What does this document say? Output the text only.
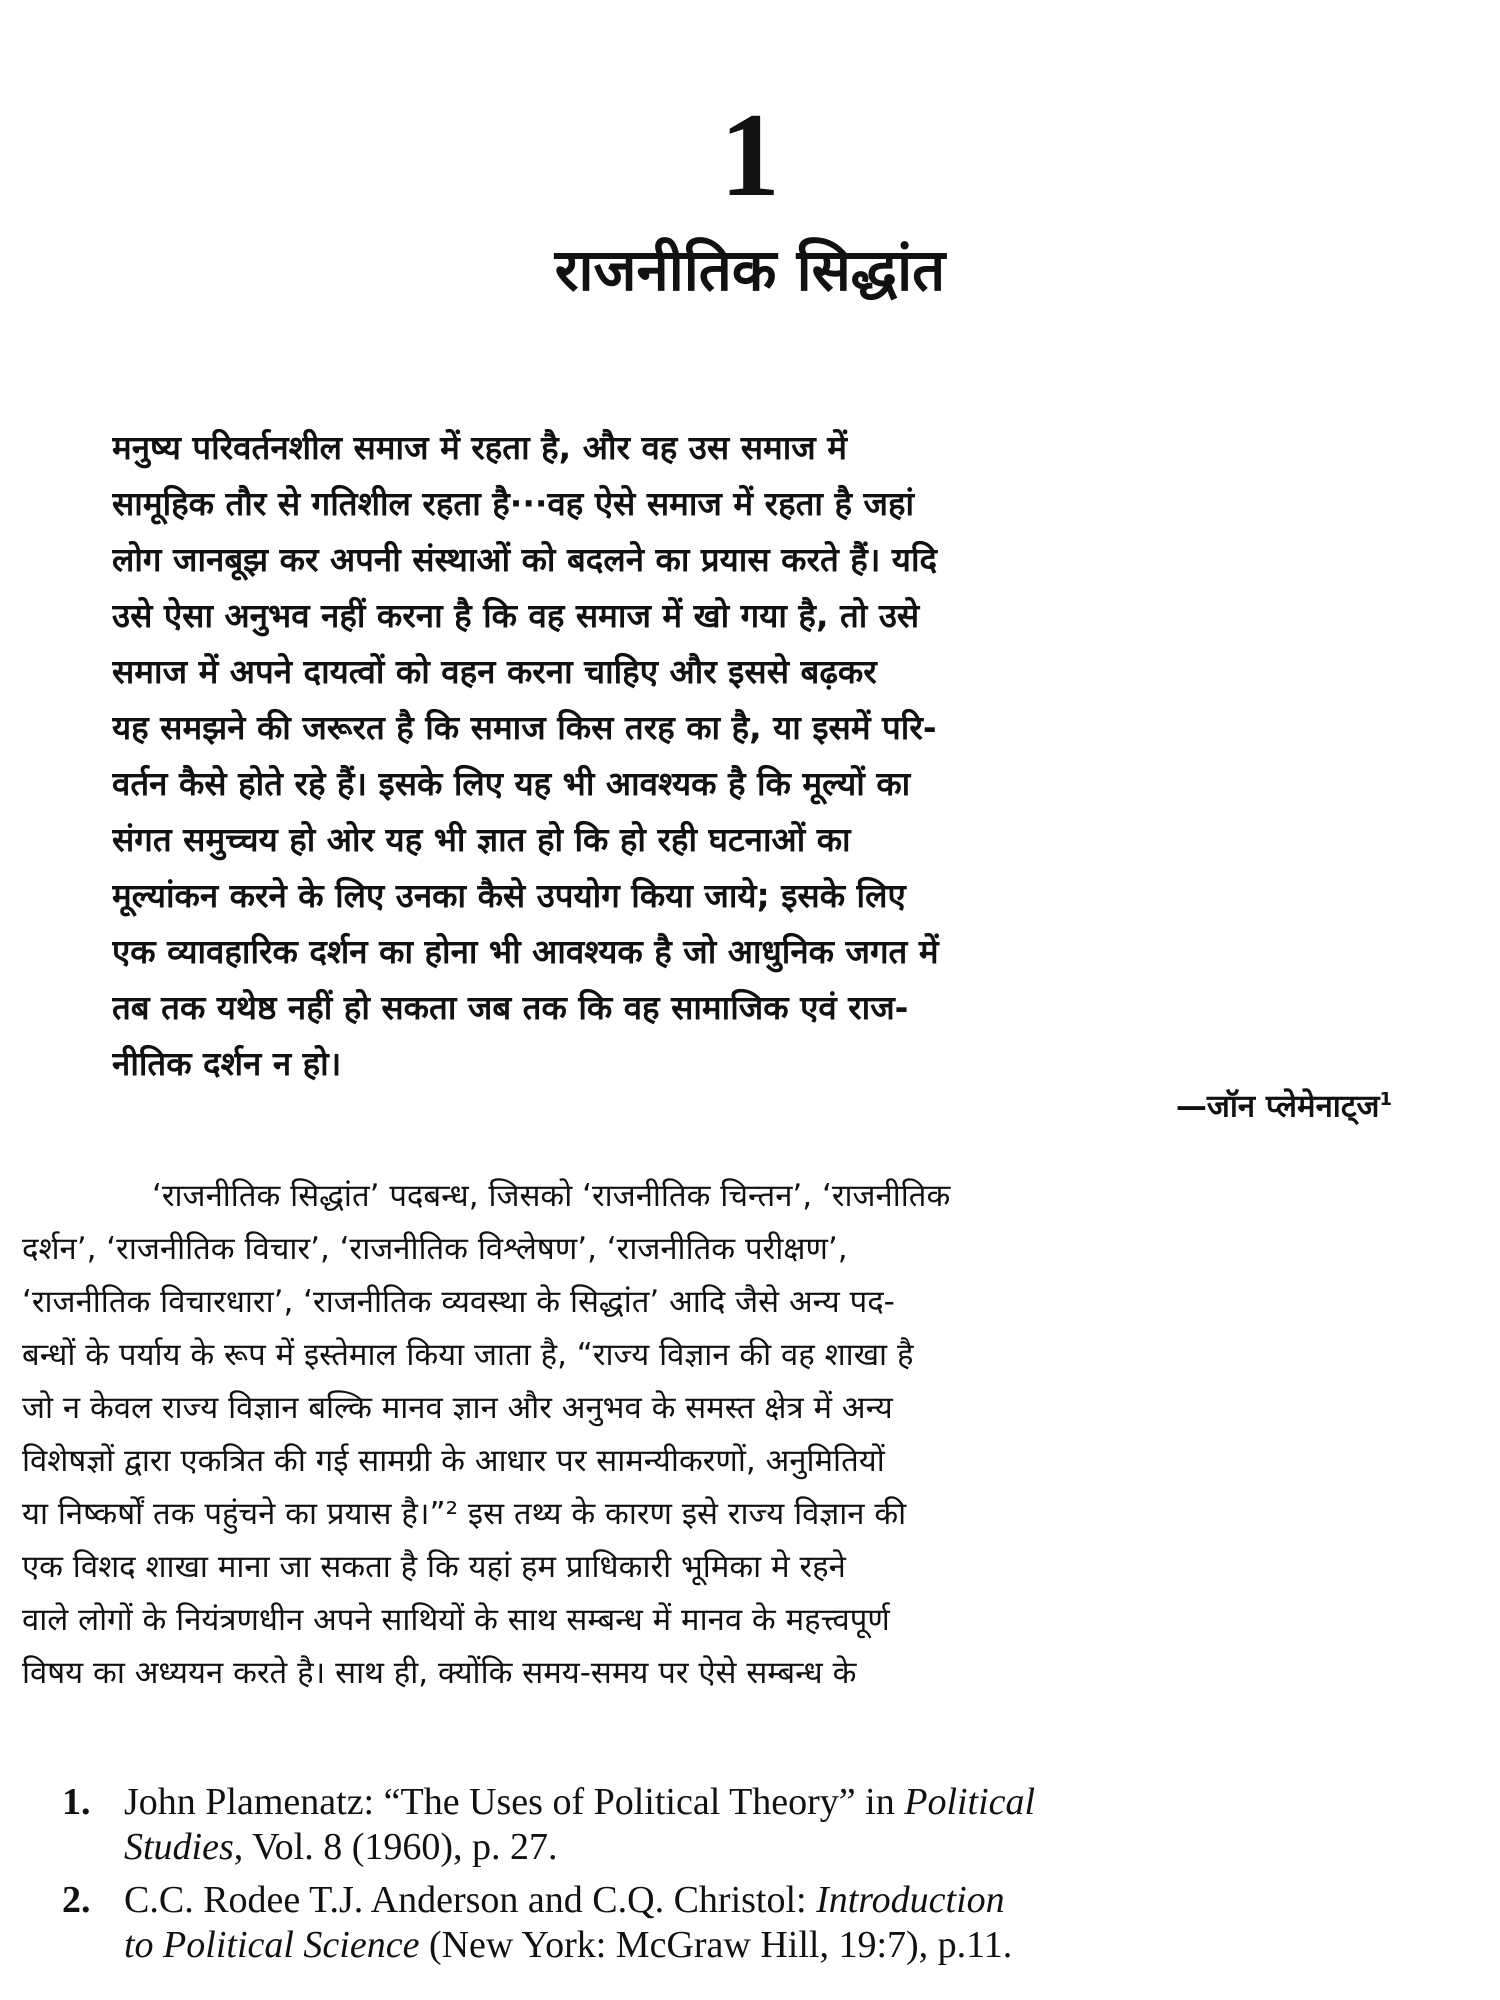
1
राजनीतिक सिद्धांत
मनुष्य परिवर्तनशील समाज में रहता है, और वह उस समाज में
सामूहिक तौर से गतिशील रहता है···वह ऐसे समाज में रहता है जहां
लोग जानबूझ कर अपनी संस्थाओं को बदलने का प्रयास करते हैं। यदि
उसे ऐसा अनुभव नहीं करना है कि वह समाज में खो गया है, तो उसे
समाज में अपने दायत्वों को वहन करना चाहिए और इससे बढ़कर
यह समझने की जरूरत है कि समाज किस तरह का है, या इसमें परि-
वर्तन कैसे होते रहे हैं। इसके लिए यह भी आवश्यक है कि मूल्यों का
संगत समुच्चय हो ओर यह भी ज्ञात हो कि हो रही घटनाओं का
मूल्यांकन करने के लिए उनका कैसे उपयोग किया जाये; इसके लिए
एक व्यावहारिक दर्शन का होना भी आवश्यक है जो आधुनिक जगत में
तब तक यथेष्ठ नहीं हो सकता जब तक कि वह सामाजिक एवं राज-
नीतिक दर्शन न हो।
—जॉन प्लेमेनाट्ज$^1$
‘राजनीतिक सिद्धांत’ पदबन्ध, जिसको ‘राजनीतिक चिन्तन’, ‘राजनीतिक
दर्शन’, ‘राजनीतिक विचार’, ‘राजनीतिक विश्लेषण’, ‘राजनीतिक परीक्षण’,
‘राजनीतिक विचारधारा’, ‘राजनीतिक व्यवस्था के सिद्धांत’ आदि जैसे अन्य पद-
बन्धों के पर्याय के रूप में इस्तेमाल किया जाता है, “राज्य विज्ञान की वह शाखा है
जो न केवल राज्य विज्ञान बल्कि मानव ज्ञान और अनुभव के समस्त क्षेत्र में अन्य
विशेषज्ञों द्वारा एकत्रित की गई सामग्री के आधार पर सामन्यीकरणों, अनुमितियों
या निष्कर्षों तक पहुंचने का प्रयास है।”² इस तथ्य के कारण इसे राज्य विज्ञान की
एक विशद शाखा माना जा सकता है कि यहां हम प्राधिकारी भूमिका मे रहने
वाले लोगों के नियंत्रणधीन अपने साथियों के साथ सम्बन्ध में मानव के महत्त्वपूर्ण
विषय का अध्ययन करते है। साथ ही, क्योंकि समय-समय पर ऐसे सम्बन्ध के
1. John Plamenatz: “The Uses of Political Theory” in Political
Studies, Vol. 8 (1960), p. 27.
2. C.C. Rodee T.J. Anderson and C.Q. Christol: Introduction
to Political Science (New York: McGraw Hill, 19:7), p.11.
